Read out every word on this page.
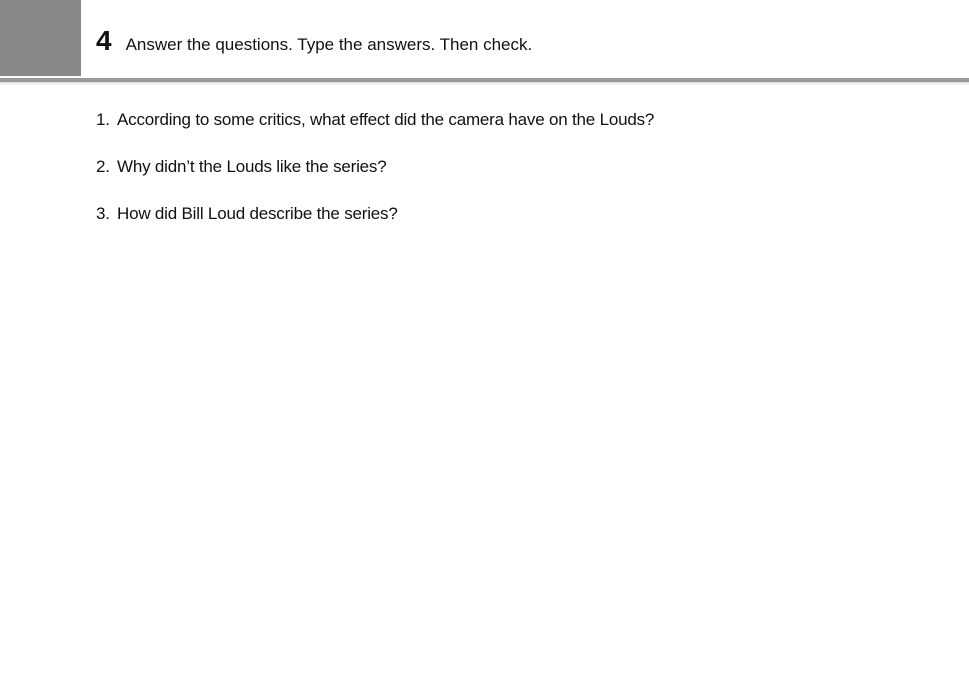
4 Answer the questions. Type the answers. Then check.
1. According to some critics, what effect did the camera have on the Louds?
2. Why didn’t the Louds like the series?
3. How did Bill Loud describe the series?
